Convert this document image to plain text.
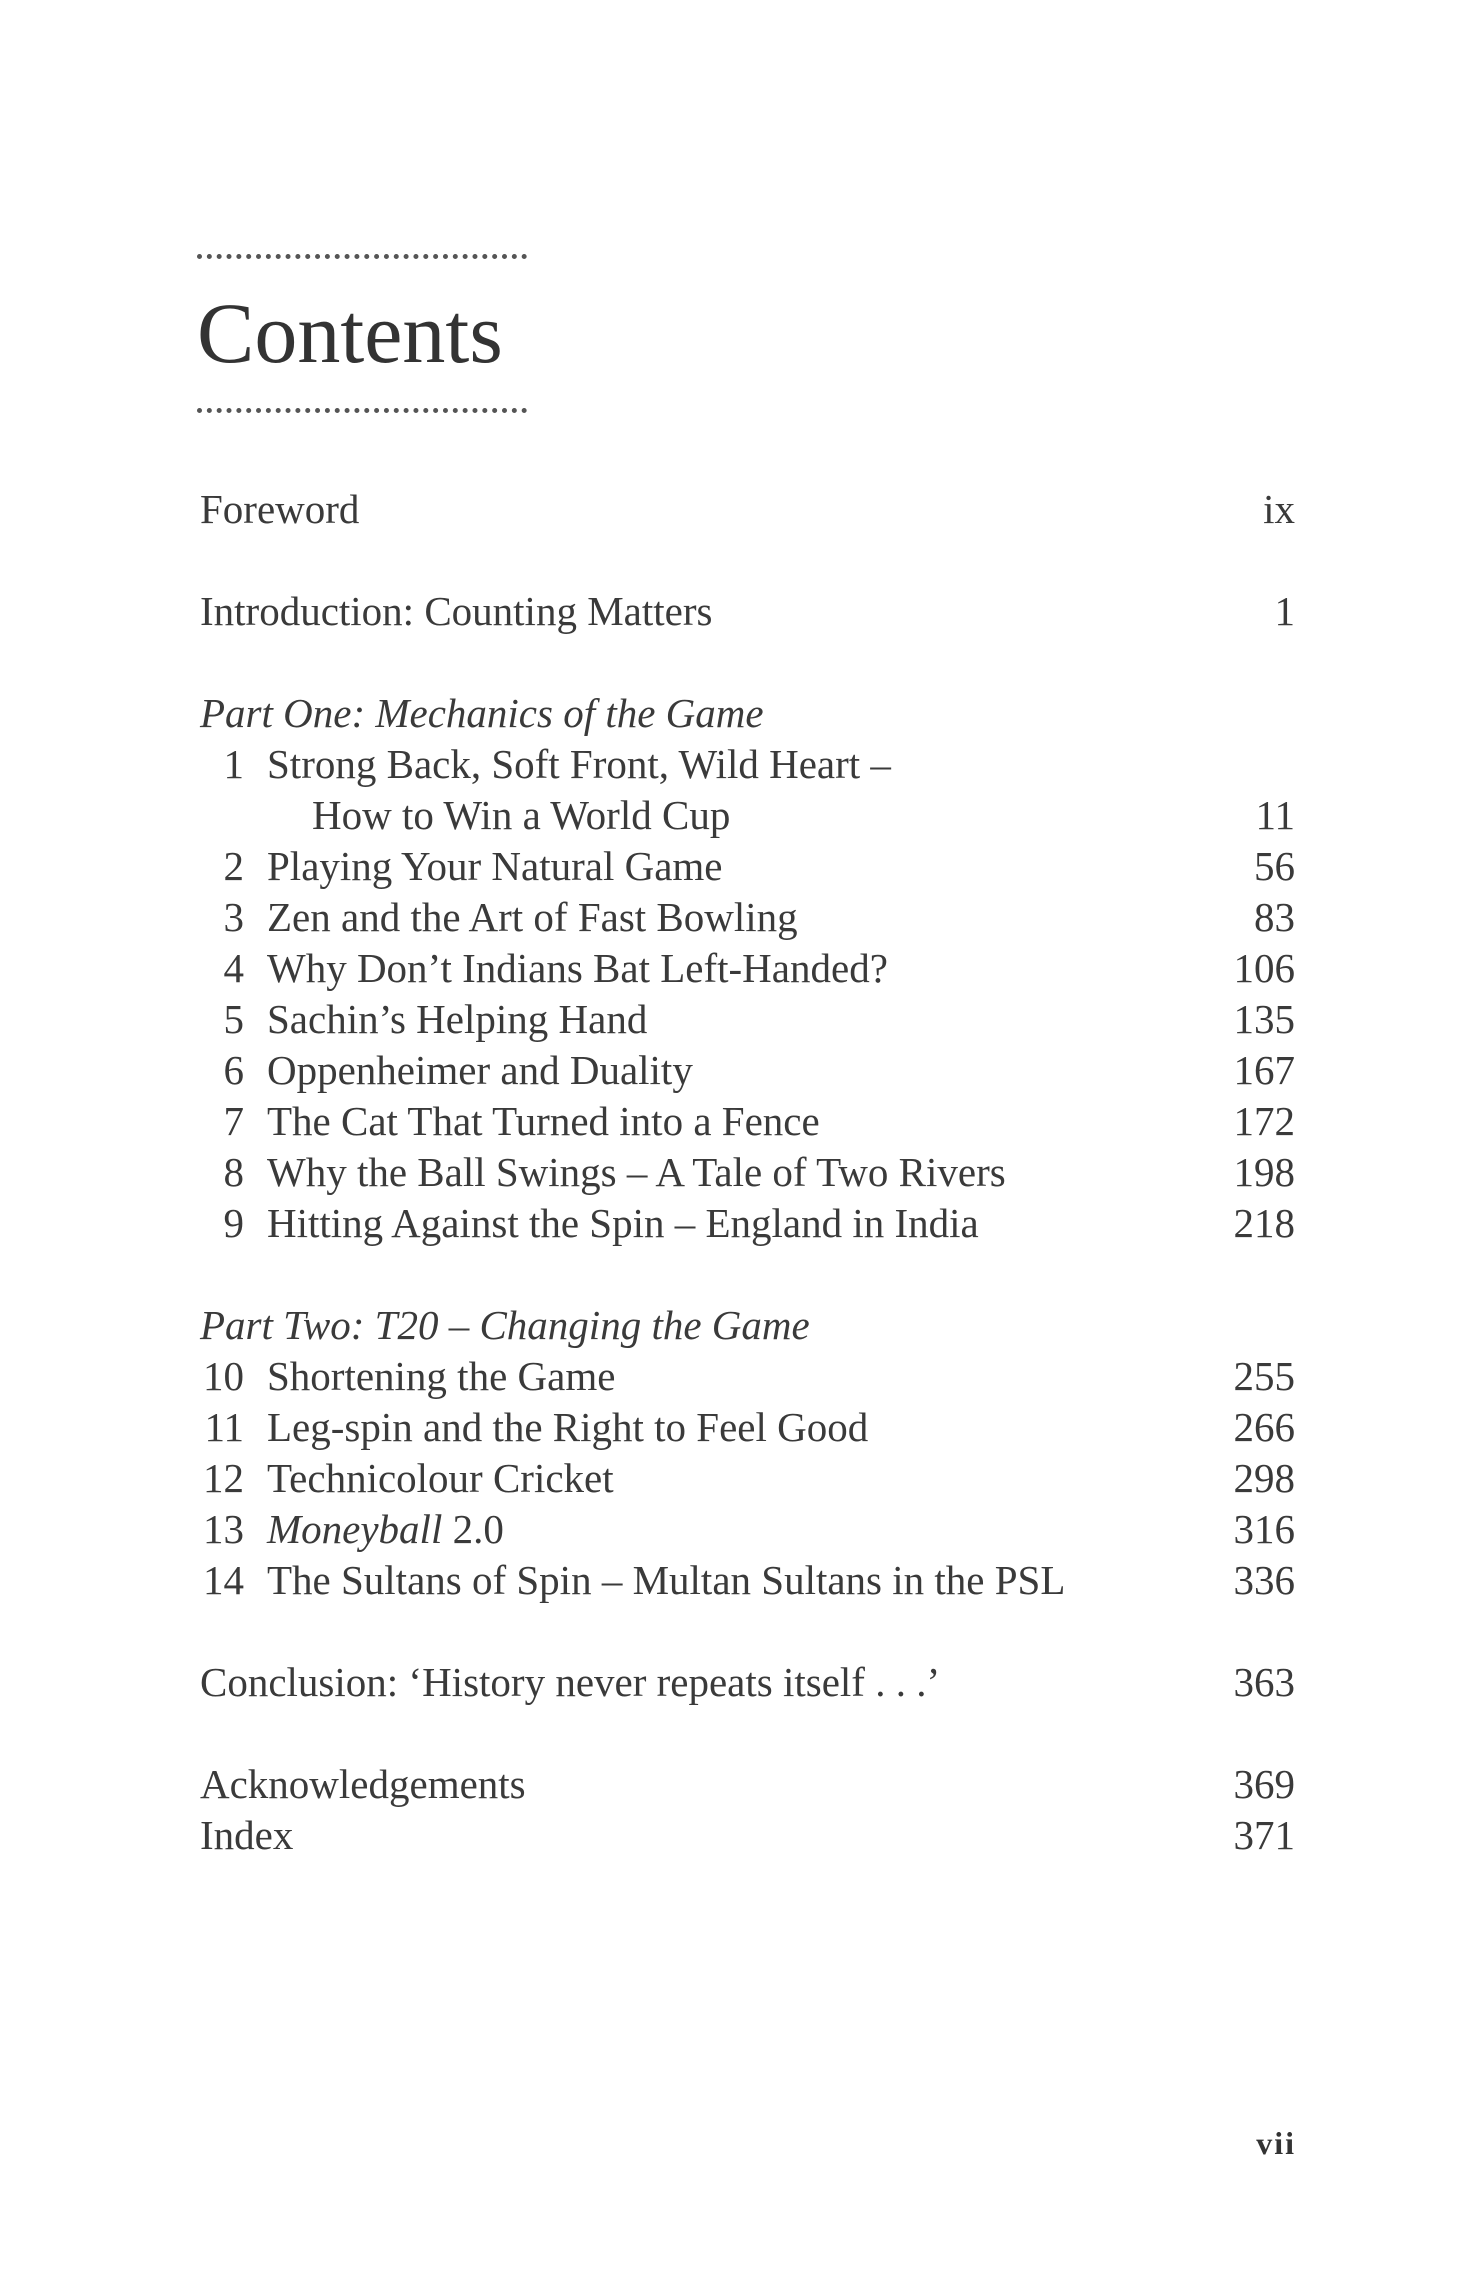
Contents
Foreword	ix
Introduction: Counting Matters	1
Part One: Mechanics of the Game
1 Strong Back, Soft Front, Wild Heart –
How to Win a World Cup	11
2 Playing Your Natural Game	56
3 Zen and the Art of Fast Bowling	83
4 Why Don’t Indians Bat Left-Handed?	106
5 Sachin’s Helping Hand	135
6 Oppenheimer and Duality	167
7 The Cat That Turned into a Fence	172
8 Why the Ball Swings – A Tale of Two Rivers	198
9 Hitting Against the Spin – England in India	218
Part Two: T20 – Changing the Game
10 Shortening the Game	255
11 Leg-spin and the Right to Feel Good	266
12 Technicolour Cricket	298
13 Moneyball 2.0	316
14 The Sultans of Spin – Multan Sultans in the PSL	336
Conclusion: ‘History never repeats itself . . .’	363
Acknowledgements	369
Index	371
vii
